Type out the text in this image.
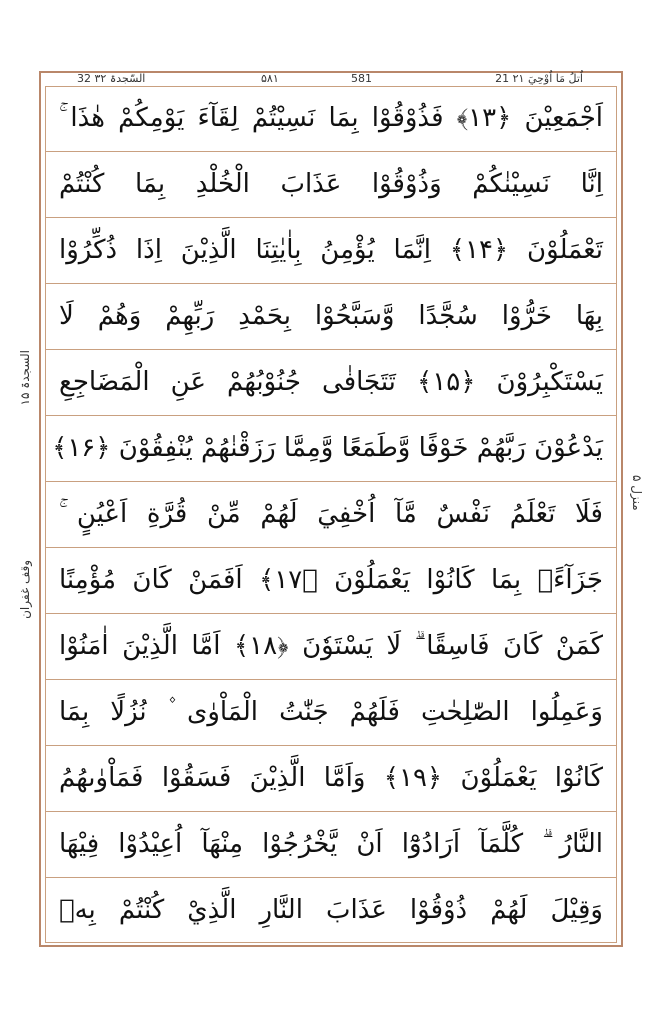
32 السّجدۃ ۳۲	۵۸۱	581	21 اُتلُ مَا اُوْحِيَ ۲۱
السجدۃ ۱۵
وقف غفران
منزل ۵
اَجْمَعِيْنَ ﴿۱۳﴾ فَذُوْقُوْا بِمَا نَسِيْتُمْ لِقَآءَ يَوْمِكُمْ هٰذَا ۚ
اِنَّا نَسِيْنٰكُمْ وَذُوْقُوْا عَذَابَ الْخُلْدِ بِمَا كُنْتُمْ
تَعْمَلُوْنَ ﴿۱۴﴾ اِنَّمَا يُؤْمِنُ بِاٰيٰتِنَا الَّذِيْنَ اِذَا ذُكِّرُوْا
بِهَا خَرُّوْا سُجَّدًا وَّسَبَّحُوْا بِحَمْدِ رَبِّهِمْ وَهُمْ لَا
يَسْتَكْبِرُوْنَ ﴿۱۵﴾ تَتَجَافٰى جُنُوْبُهُمْ عَنِ الْمَضَاجِعِ
يَدْعُوْنَ رَبَّهُمْ خَوْفًا وَّطَمَعًا وَّمِمَّا رَزَقْنٰهُمْ يُنْفِقُوْنَ ﴿۱۶﴾
فَلَا تَعْلَمُ نَفْسٌ مَّآ اُخْفِيَ لَهُمْ مِّنْ قُرَّةِ اَعْيُنٍ ۚ
جَزَآءًۢ بِمَا كَانُوْا يَعْمَلُوْنَ ﴿۱۷﴾ اَفَمَنْ كَانَ مُؤْمِنًا
كَمَنْ كَانَ فَاسِقًا ۗ لَا يَسْتَوٗنَ ﴿۱۸﴾ اَمَّا الَّذِيْنَ اٰمَنُوْا
وَعَمِلُوا الصّٰلِحٰتِ فَلَهُمْ جَنّٰتُ الْمَاْوٰى ۫ نُزُلًا بِمَا
كَانُوْا يَعْمَلُوْنَ ﴿۱۹﴾ وَاَمَّا الَّذِيْنَ فَسَقُوْا فَمَاْوٰىهُمُ
النَّارُ ۗ كُلَّمَآ اَرَادُوْٓا اَنْ يَّخْرُجُوْا مِنْهَآ اُعِيْدُوْا فِيْهَا
وَقِيْلَ لَهُمْ ذُوْقُوْا عَذَابَ النَّارِ الَّذِيْ كُنْتُمْ بِهٖ
